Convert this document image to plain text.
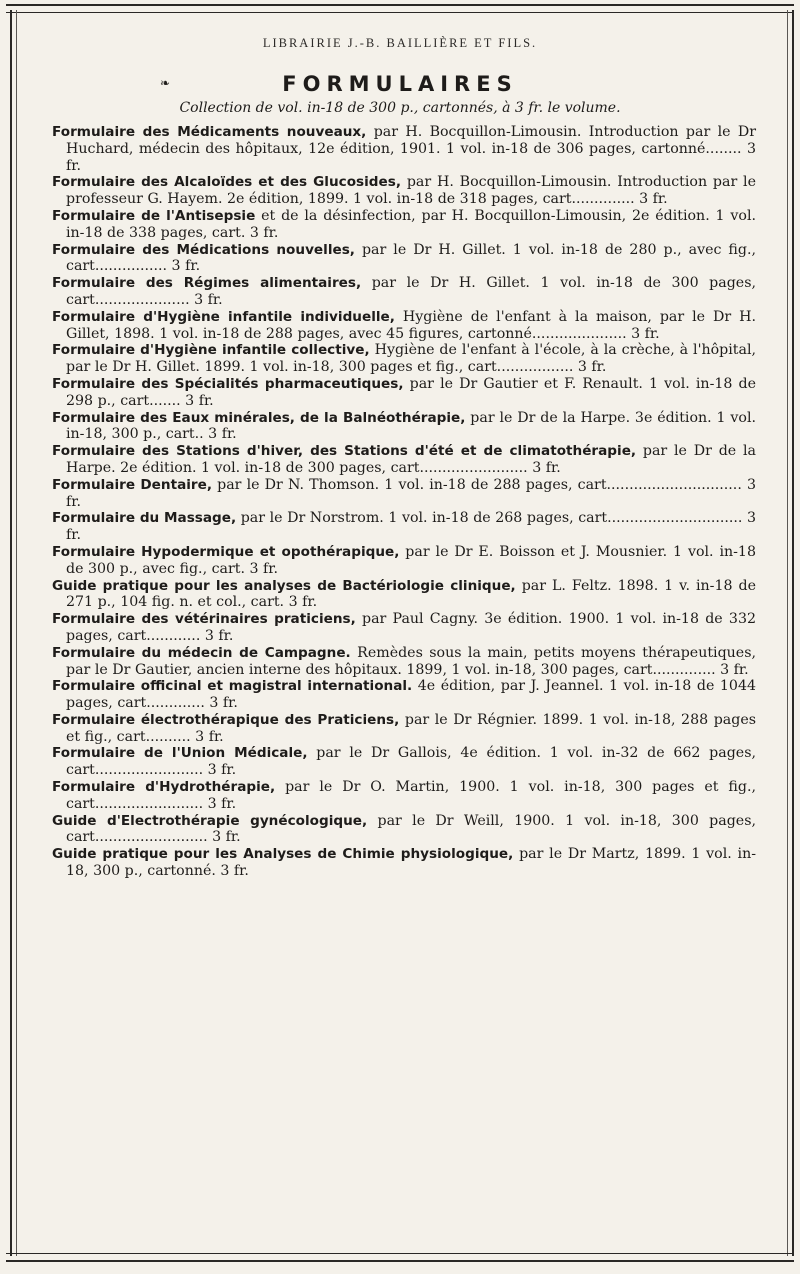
LIBRAIRIE J.-B. BAILLIÈRE ET FILS.
❧	FORMULAIRES
Collection de vol. in-18 de 300 p., cartonnés, à 3 fr. le volume.

Formulaire des Médicaments nouveaux, par H. Bocquillon-Limousin. Introduction par le Dr Huchard, médecin des hôpitaux, 12e édition, 1901. 1 vol. in-18 de 306 pages, cartonné........ 3 fr.

Formulaire des Alcaloïdes et des Glucosides, par H. Bocquillon-Limousin. Introduction par le professeur G. Hayem. 2e édition, 1899. 1 vol. in-18 de 318 pages, cart.............. 3 fr.

Formulaire de l'Antisepsie et de la désinfection, par H. Bocquillon-Limousin, 2e édition. 1 vol. in-18 de 338 pages, cart. 3 fr.

Formulaire des Médications nouvelles, par le Dr H. Gillet. 1 vol. in-18 de 280 p., avec fig., cart................ 3 fr.

Formulaire des Régimes alimentaires, par le Dr H. Gillet. 1 vol. in-18 de 300 pages, cart..................... 3 fr.

Formulaire d'Hygiène infantile individuelle, Hygiène de l'enfant à la maison, par le Dr H. Gillet, 1898. 1 vol. in-18 de 288 pages, avec 45 figures, cartonné..................... 3 fr.

Formulaire d'Hygiène infantile collective, Hygiène de l'enfant à l'école, à la crèche, à l'hôpital, par le Dr H. Gillet. 1899. 1 vol. in-18, 300 pages et fig., cart................. 3 fr.

Formulaire des Spécialités pharmaceutiques, par le Dr Gautier et F. Renault. 1 vol. in-18 de 298 p., cart....... 3 fr.

Formulaire des Eaux minérales, de la Balnéothérapie, par le Dr de la Harpe. 3e édition. 1 vol. in-18, 300 p., cart.. 3 fr.

Formulaire des Stations d'hiver, des Stations d'été et de climatothérapie, par le Dr de la Harpe. 2e édition. 1 vol. in-18 de 300 pages, cart........................ 3 fr.

Formulaire Dentaire, par le Dr N. Thomson. 1 vol. in-18 de 288 pages, cart.............................. 3 fr.

Formulaire du Massage, par le Dr Norstrom. 1 vol. in-18 de 268 pages, cart.............................. 3 fr.

Formulaire Hypodermique et opothérapique, par le Dr E. Boisson et J. Mousnier. 1 vol. in-18 de 300 p., avec fig., cart. 3 fr.

Guide pratique pour les analyses de Bactériologie clinique, par L. Feltz. 1898. 1 v. in-18 de 271 p., 104 fig. n. et col., cart. 3 fr.

Formulaire des vétérinaires praticiens, par Paul Cagny. 3e édition. 1900. 1 vol. in-18 de 332 pages, cart............ 3 fr.

Formulaire du médecin de Campagne. Remèdes sous la main, petits moyens thérapeutiques, par le Dr Gautier, ancien interne des hôpitaux. 1899, 1 vol. in-18, 300 pages, cart.............. 3 fr.

Formulaire officinal et magistral international. 4e édition, par J. Jeannel. 1 vol. in-18 de 1044 pages, cart............. 3 fr.

Formulaire électrothérapique des Praticiens, par le Dr Régnier. 1899. 1 vol. in-18, 288 pages et fig., cart.......... 3 fr.

Formulaire de l'Union Médicale, par le Dr Gallois, 4e édition. 1 vol. in-32 de 662 pages, cart........................ 3 fr.

Formulaire d'Hydrothérapie, par le Dr O. Martin, 1900. 1 vol. in-18, 300 pages et fig., cart........................ 3 fr.

Guide d'Electrothérapie gynécologique, par le Dr Weill, 1900. 1 vol. in-18, 300 pages, cart......................... 3 fr.

Guide pratique pour les Analyses de Chimie physiologique, par le Dr Martz, 1899. 1 vol. in-18, 300 p., cartonné. 3 fr.
